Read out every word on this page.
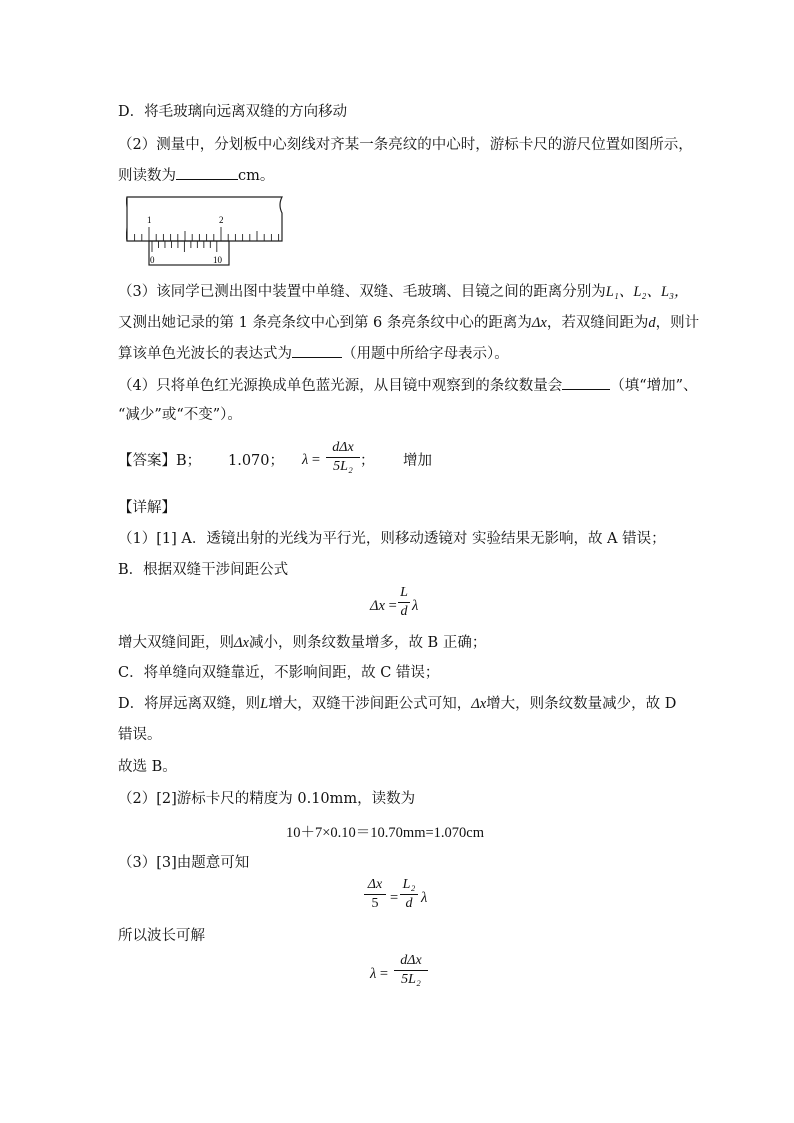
D．将毛玻璃向远离双缝的方向移动
（2）测量中，分划板中心刻线对齐某一条亮纹的中心时，游标卡尺的游尺位置如图所示，
则读数为	cm。
1	2
0	10
（3）该同学已测出图中装置中单缝、双缝、毛玻璃、目镜之间的距离分别为L₁、L₂、L₃，
又测出她记录的第 1 条亮条纹中心到第 6 条亮条纹中心的距离为Δx，若双缝间距为d，则计
算该单色光波长的表达式为	（用题中所给字母表示）。
（4）只将单色红光源换成单色蓝光源，从目镜中观察到的条纹数量会	（填“增加”、
“减少”或“不变”）。
【答案】B； 1.070； λ =
dΔx
5L₂ ； 增加
【详解】
（1）[1] A．透镜出射的光线为平行光，则移动透镜对 实验结果无影响，故 A 错误；
B．根据双缝干涉间距公式
Δx =
L
d λ
增大双缝间距，则Δx减小，则条纹数量增多，故 B 正确；
C．将单缝向双缝靠近，不影响间距，故 C 错误；
D．将屏远离双缝，则L增大，双缝干涉间距公式可知，Δx增大，则条纹数量减少，故 D
错误。
故选 B。
（2）[2]游标卡尺的精度为 0.10mm，读数为
10＋7×0.10＝10.70mm=1.070cm
（3）[3]由题意可知
Δx
5 =
L₂
d λ
所以波长可解
λ =
dΔx
5L₂
